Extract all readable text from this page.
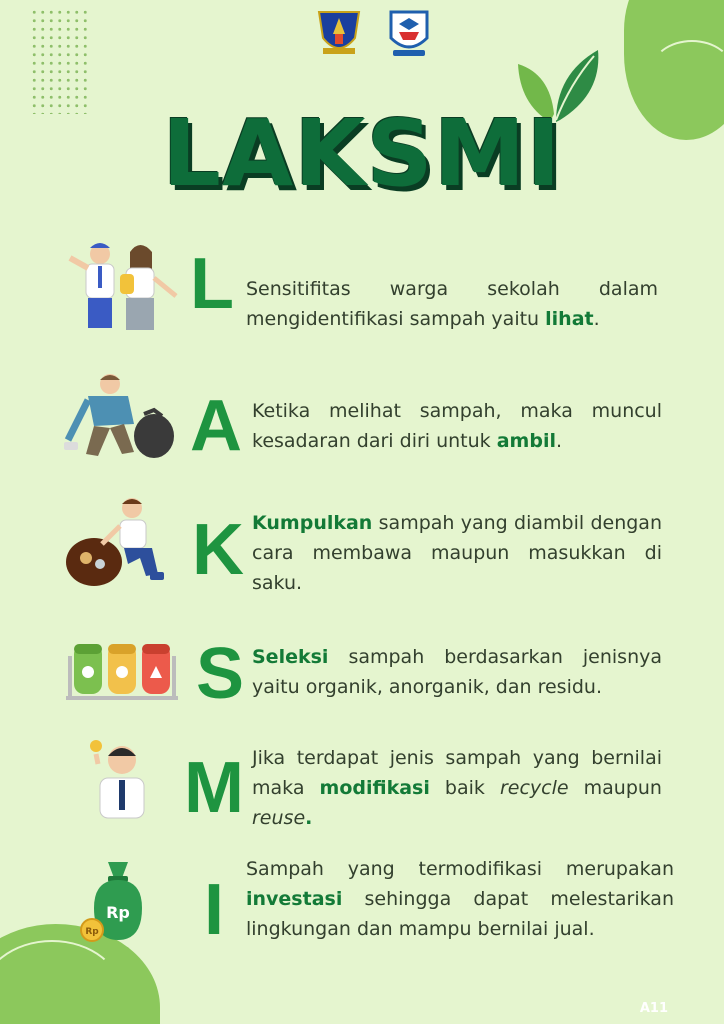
LAKSMI
L Sensitifitas warga sekolah dalam mengidentifikasi sampah yaitu lihat.
A Ketika melihat sampah, maka muncul kesadaran dari diri untuk ambil.
K Kumpulkan sampah yang diambil dengan cara membawa maupun masukkan di saku.
S Seleksi sampah berdasarkan jenisnya yaitu organik, anorganik, dan residu.
M Jika terdapat jenis sampah yang bernilai maka modifikasi baik recycle maupun reuse.
Rp
Rp I
Sampah yang termodifikasi merupakan investasi sehingga dapat melestarikan lingkungan dan mampu bernilai jual.
A11
